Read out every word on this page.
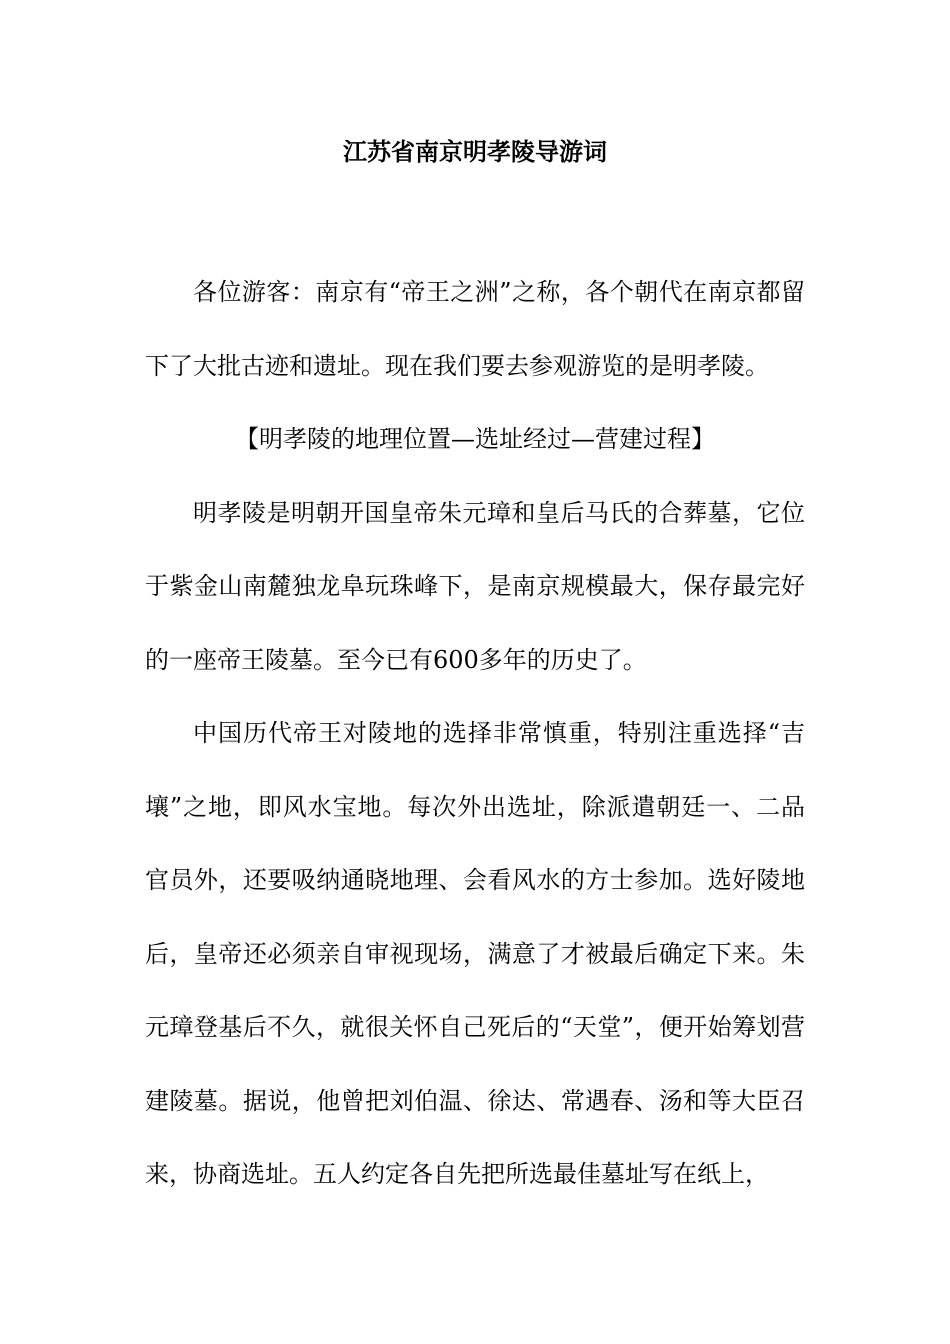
江苏省南京明孝陵导游词

各位游客：南京有“帝王之洲”之称，各个朝代在南京都留下了大批古迹和遗址。现在我们要去参观游览的是明孝陵。

【明孝陵的地理位置—选址经过—营建过程】

明孝陵是明朝开国皇帝朱元璋和皇后马氏的合葬墓，它位于紫金山南麓独龙阜玩珠峰下，是南京规模最大，保存最完好的一座帝王陵墓。至今已有600多年的历史了。

中国历代帝王对陵地的选择非常慎重，特别注重选择“吉壤”之地，即风水宝地。每次外出选址，除派遣朝廷一、二品官员外，还要吸纳通晓地理、会看风水的方士参加。选好陵地后，皇帝还必须亲自审视现场，满意了才被最后确定下来。朱元璋登基后不久，就很关怀自己死后的“天堂”，便开始筹划营建陵墓。据说，他曾把刘伯温、徐达、常遇春、汤和等大臣召来，协商选址。五人约定各自先把所选最佳墓址写在纸上，
